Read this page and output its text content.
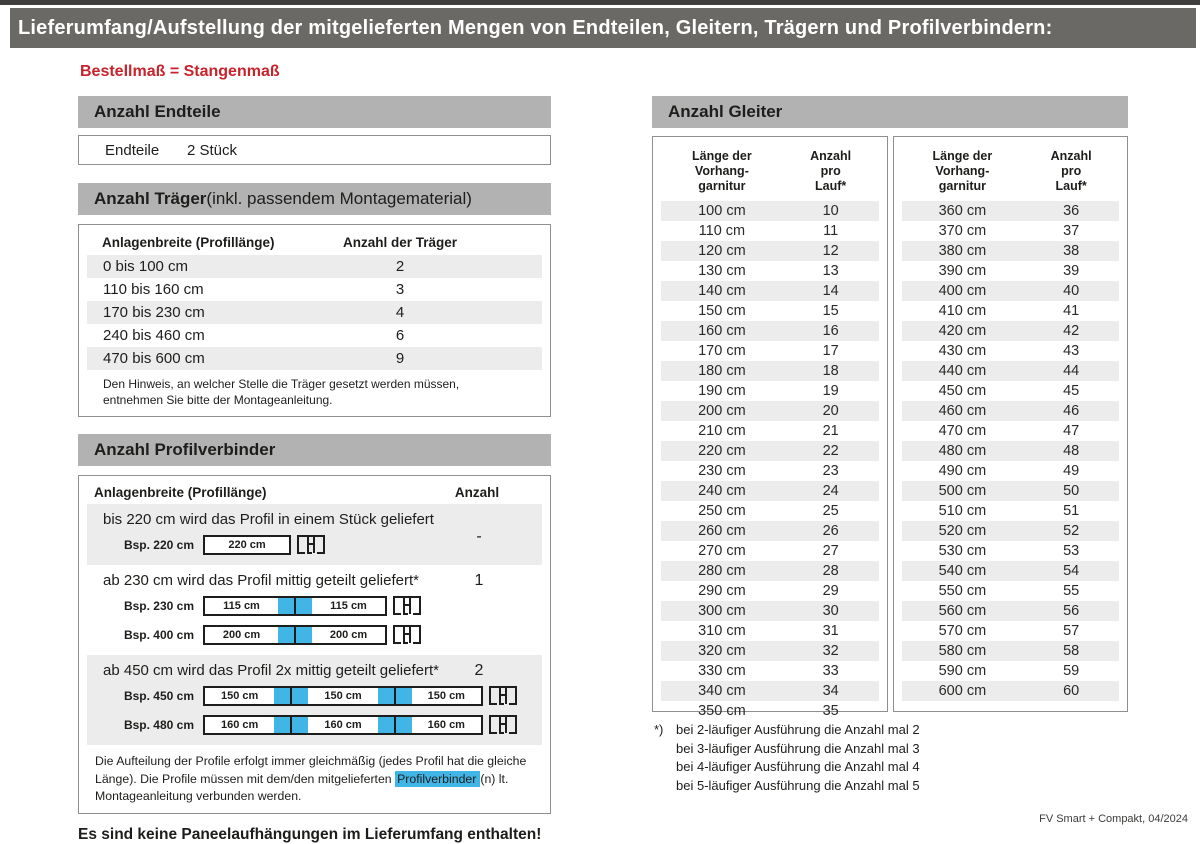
Lieferumfang/Aufstellung der mitgelieferten Mengen von Endteilen, Gleitern, Trägern und Profilverbindern:
Bestellmaß = Stangenmaß
Anzahl Endteile
Endteile	2 Stück
Anzahl Träger (inkl. passendem Montagematerial)
Anlagenbreite (Profillänge)	Anzahl der Träger
0 bis 100 cm	2
110 bis 160 cm	3
170 bis 230 cm	4
240 bis 460 cm	6
470 bis 600 cm	9
Den Hinweis, an welcher Stelle die Träger gesetzt werden müssen, entnehmen Sie bitte der Montageanleitung.
Anzahl Profilverbinder
Anlagenbreite (Profillänge)	Anzahl
bis 220 cm wird das Profil in einem Stück geliefert
-
Bsp. 220 cm	220 cm
ab 230 cm wird das Profil mittig geteilt geliefert*	1
Bsp. 230 cm	115 cm	115 cm
Bsp. 400 cm	200 cm	200 cm
ab 450 cm wird das Profil 2x mittig geteilt geliefert*	2
Bsp. 450 cm	150 cm	150 cm	150 cm
Bsp. 480 cm	160 cm	160 cm	160 cm
Die Aufteilung der Profile erfolgt immer gleichmäßig (jedes Profil hat die gleiche Länge). Die Profile müssen mit dem/den mitgelieferten Profilverbinder (n) lt. Montageanleitung verbunden werden.
Es sind keine Paneelaufhängungen im Lieferumfang enthalten!
Anzahl Gleiter
Länge der
Vorhang-
garnitur
Anzahl
pro
Lauf*
100 cm	10
110 cm	11
120 cm	12
130 cm	13
140 cm	14
150 cm	15
160 cm	16
170 cm	17
180 cm	18
190 cm	19
200 cm	20
210 cm	21
220 cm	22
230 cm	23
240 cm	24
250 cm	25
260 cm	26
270 cm	27
280 cm	28
290 cm	29
300 cm	30
310 cm	31
320 cm	32
330 cm	33
340 cm	34
350 cm	35
Länge der
Vorhang-
garnitur
Anzahl
pro
Lauf*
360 cm	36
370 cm	37
380 cm	38
390 cm	39
400 cm	40
410 cm	41
420 cm	42
430 cm	43
440 cm	44
450 cm	45
460 cm	46
470 cm	47
480 cm	48
490 cm	49
500 cm	50
510 cm	51
520 cm	52
530 cm	53
540 cm	54
550 cm	55
560 cm	56
570 cm	57
580 cm	58
590 cm	59
600 cm	60
*) bei 2-läufiger Ausführung die Anzahl mal 2
bei 3-läufiger Ausführung die Anzahl mal 3
bei 4-läufiger Ausführung die Anzahl mal 4
bei 5-läufiger Ausführung die Anzahl mal 5
FV Smart + Compakt, 04/2024
